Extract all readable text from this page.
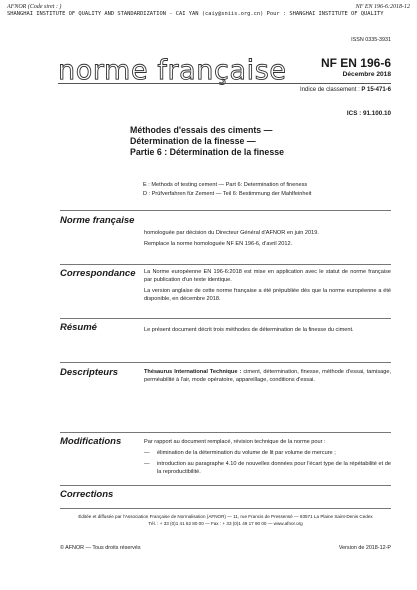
AFNOR (Code siret : )	NF EN 196-6:2018-12
SHANGHAI INSTITUTE OF QUALITY AND STANDARDIZATION - CAI YAN (caiy@sniis.org.cn) Pour : SHANGHAI INSTITUTE OF QUALITY
ISSN 0335-3931
norme française	NF EN 196-6
Décembre 2018
Indice de classement : P 15-471-6
ICS : 91.100.10
Méthodes d'essais des ciments —
Détermination de la finesse —
Partie 6 : Détermination de la finesse
E : Methods of testing cement — Part 6: Determination of fineness
D : Prüfverfahren für Zement — Teil 6: Bestimmung der Mahlfeinheit
Norme française

homologuée par décision du Directeur Général d'AFNOR en juin 2019.

Remplace la norme homologuée NF EN 196-6, d'avril 2012.

Correspondance La Norme européenne EN 196-6:2018 est mise en application avec le statut de norme française par publication d'un texte identique.

La version anglaise de cette norme française a été prépubliée dès que la norme européenne a été disponible, en décembre 2018.

Résumé	Le présent document décrit trois méthodes de détermination de la finesse du ciment.

Descripteurs	Thésaurus International Technique : ciment, détermination, finesse, méthode d'essai, tamisage, perméabilité à l'air, mode opératoire, appareillage, conditions d'essai.

Modifications	Par rapport au document remplacé, révision technique de la norme pour :

—	élimination de la détermination du volume de lit par volume de mercure ;
—	introduction au paragraphe 4.10 de nouvelles données pour l'écart type de la répétabilité et de la reproductibilité.
Corrections
Éditée et diffusée par l'Association Française de Normalisation (AFNOR) — 11, rue Francis de Pressensé — 93571 La Plaine Saint-Denis Cedex
Tél. : + 33 (0)1 41 62 80 00 — Fax : + 33 (0)1 49 17 90 00 — www.afnor.org
© AFNOR — Tous droits réservés	Version de 2018-12-P
